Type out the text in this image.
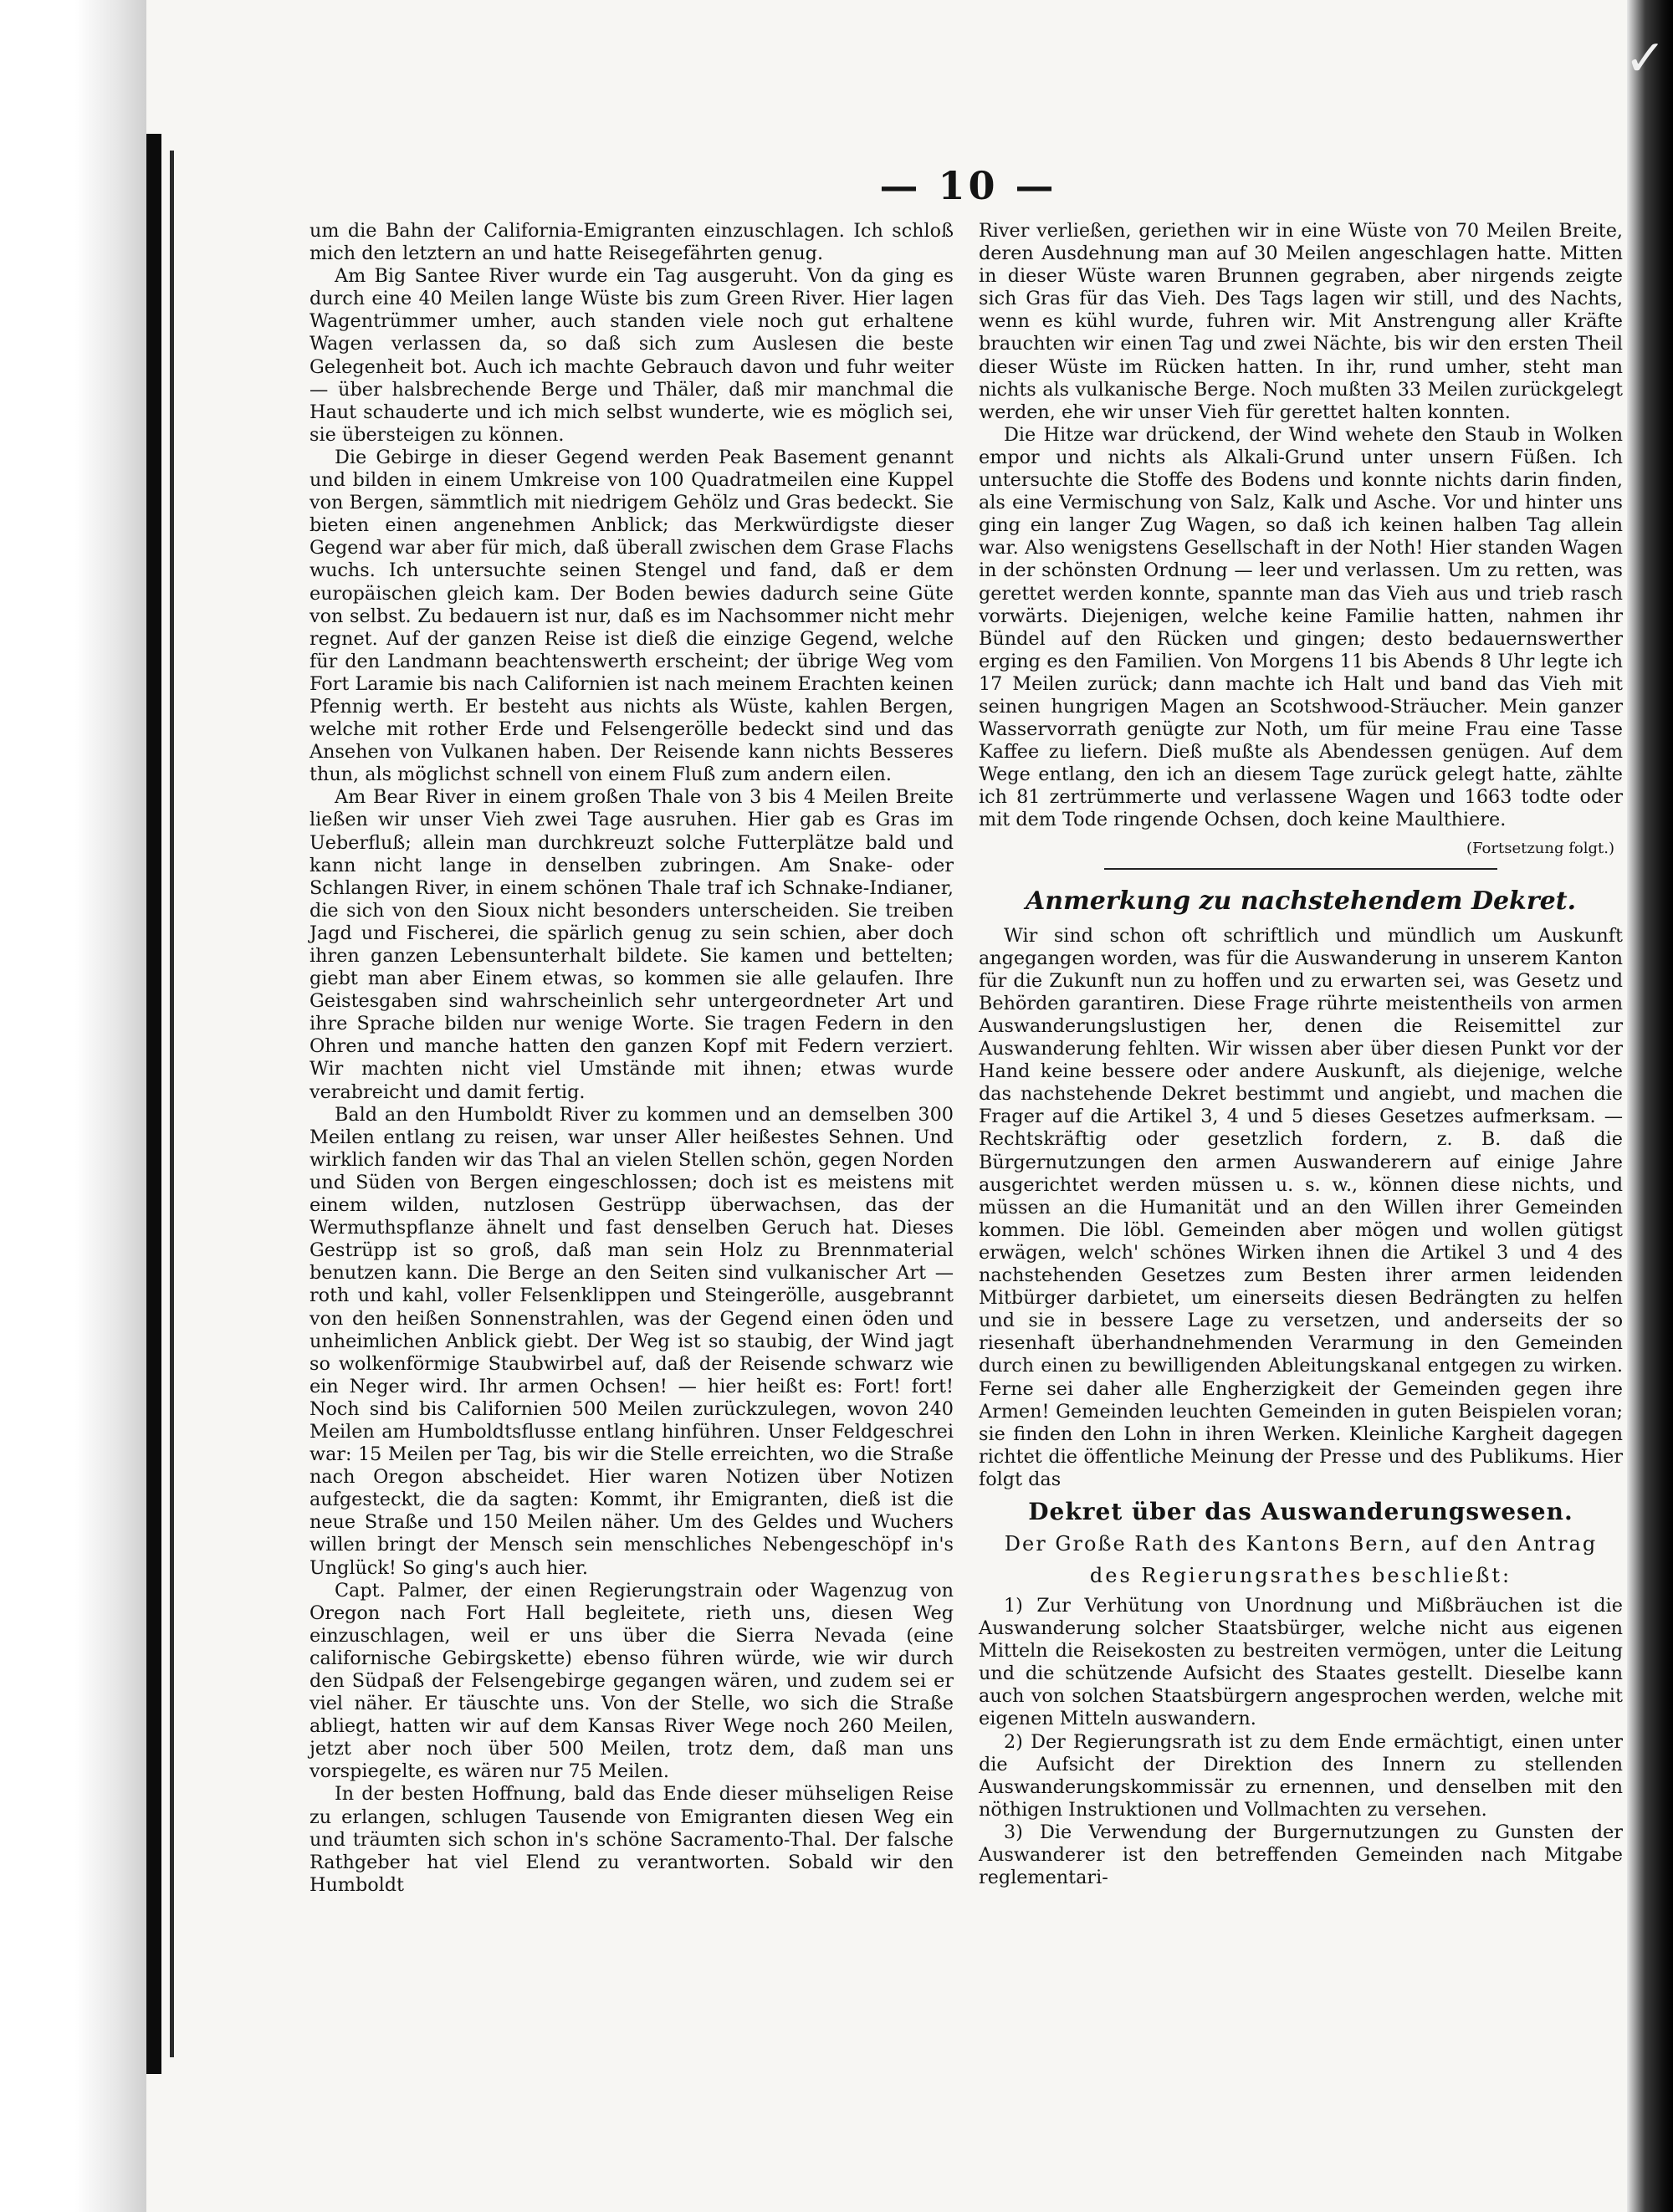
✓
— 10 —

um die Bahn der California-Emigranten einzuschlagen. Ich schloß mich den letztern an und hatte Reisegefährten genug.

Am Big Santee River wurde ein Tag ausgeruht. Von da ging es durch eine 40 Meilen lange Wüste bis zum Green River. Hier lagen Wagentrümmer umher, auch standen viele noch gut erhaltene Wagen verlassen da, so daß sich zum Auslesen die beste Gelegenheit bot. Auch ich machte Gebrauch davon und fuhr weiter — über halsbrechende Berge und Thäler, daß mir manchmal die Haut schauderte und ich mich selbst wunderte, wie es möglich sei, sie übersteigen zu können.

Die Gebirge in dieser Gegend werden Peak Basement genannt und bilden in einem Umkreise von 100 Quadratmeilen eine Kuppel von Bergen, sämmtlich mit niedrigem Gehölz und Gras bedeckt. Sie bieten einen angenehmen Anblick; das Merkwürdigste dieser Gegend war aber für mich, daß überall zwischen dem Grase Flachs wuchs. Ich untersuchte seinen Stengel und fand, daß er dem europäischen gleich kam. Der Boden bewies dadurch seine Güte von selbst. Zu bedauern ist nur, daß es im Nachsommer nicht mehr regnet. Auf der ganzen Reise ist dieß die einzige Gegend, welche für den Landmann beachtenswerth erscheint; der übrige Weg vom Fort Laramie bis nach Californien ist nach meinem Erachten keinen Pfennig werth. Er besteht aus nichts als Wüste, kahlen Bergen, welche mit rother Erde und Felsengerölle bedeckt sind und das Ansehen von Vulkanen haben. Der Reisende kann nichts Besseres thun, als möglichst schnell von einem Fluß zum andern eilen.

Am Bear River in einem großen Thale von 3 bis 4 Meilen Breite ließen wir unser Vieh zwei Tage ausruhen. Hier gab es Gras im Ueberfluß; allein man durchkreuzt solche Futterplätze bald und kann nicht lange in denselben zubringen. Am Snake- oder Schlangen River, in einem schönen Thale traf ich Schnake-Indianer, die sich von den Sioux nicht besonders unterscheiden. Sie treiben Jagd und Fischerei, die spärlich genug zu sein schien, aber doch ihren ganzen Lebensunterhalt bildete. Sie kamen und bettelten; giebt man aber Einem etwas, so kommen sie alle gelaufen. Ihre Geistesgaben sind wahrscheinlich sehr untergeordneter Art und ihre Sprache bilden nur wenige Worte. Sie tragen Federn in den Ohren und manche hatten den ganzen Kopf mit Federn verziert. Wir machten nicht viel Umstände mit ihnen; etwas wurde verabreicht und damit fertig.

Bald an den Humboldt River zu kommen und an demselben 300 Meilen entlang zu reisen, war unser Aller heißestes Sehnen. Und wirklich fanden wir das Thal an vielen Stellen schön, gegen Norden und Süden von Bergen eingeschlossen; doch ist es meistens mit einem wilden, nutzlosen Gestrüpp überwachsen, das der Wermuthspflanze ähnelt und fast denselben Geruch hat. Dieses Gestrüpp ist so groß, daß man sein Holz zu Brennmaterial benutzen kann. Die Berge an den Seiten sind vulkanischer Art — roth und kahl, voller Felsenklippen und Steingerölle, ausgebrannt von den heißen Sonnenstrahlen, was der Gegend einen öden und unheimlichen Anblick giebt. Der Weg ist so staubig, der Wind jagt so wolkenförmige Staubwirbel auf, daß der Reisende schwarz wie ein Neger wird. Ihr armen Ochsen! — hier heißt es: Fort! fort! Noch sind bis Californien 500 Meilen zurückzulegen, wovon 240 Meilen am Humboldtsflusse entlang hinführen. Unser Feldgeschrei war: 15 Meilen per Tag, bis wir die Stelle erreichten, wo die Straße nach Oregon abscheidet. Hier waren Notizen über Notizen aufgesteckt, die da sagten: Kommt, ihr Emigranten, dieß ist die neue Straße und 150 Meilen näher. Um des Geldes und Wuchers willen bringt der Mensch sein menschliches Nebengeschöpf in's Unglück! So ging's auch hier.

Capt. Palmer, der einen Regierungstrain oder Wagenzug von Oregon nach Fort Hall begleitete, rieth uns, diesen Weg einzuschlagen, weil er uns über die Sierra Nevada (eine californische Gebirgskette) ebenso führen würde, wie wir durch den Südpaß der Felsengebirge gegangen wären, und zudem sei er viel näher. Er täuschte uns. Von der Stelle, wo sich die Straße abliegt, hatten wir auf dem Kansas River Wege noch 260 Meilen, jetzt aber noch über 500 Meilen, trotz dem, daß man uns vorspiegelte, es wären nur 75 Meilen.

In der besten Hoffnung, bald das Ende dieser mühseligen Reise zu erlangen, schlugen Tausende von Emigranten diesen Weg ein und träumten sich schon in's schöne Sacramento-Thal. Der falsche Rathgeber hat viel Elend zu verantworten. Sobald wir den Humboldt

River verließen, geriethen wir in eine Wüste von 70 Meilen Breite, deren Ausdehnung man auf 30 Meilen angeschlagen hatte. Mitten in dieser Wüste waren Brunnen gegraben, aber nirgends zeigte sich Gras für das Vieh. Des Tags lagen wir still, und des Nachts, wenn es kühl wurde, fuhren wir. Mit Anstrengung aller Kräfte brauchten wir einen Tag und zwei Nächte, bis wir den ersten Theil dieser Wüste im Rücken hatten. In ihr, rund umher, steht man nichts als vulkanische Berge. Noch mußten 33 Meilen zurückgelegt werden, ehe wir unser Vieh für gerettet halten konnten.

Die Hitze war drückend, der Wind wehete den Staub in Wolken empor und nichts als Alkali-Grund unter unsern Füßen. Ich untersuchte die Stoffe des Bodens und konnte nichts darin finden, als eine Vermischung von Salz, Kalk und Asche. Vor und hinter uns ging ein langer Zug Wagen, so daß ich keinen halben Tag allein war. Also wenigstens Gesellschaft in der Noth! Hier standen Wagen in der schönsten Ordnung — leer und verlassen. Um zu retten, was gerettet werden konnte, spannte man das Vieh aus und trieb rasch vorwärts. Diejenigen, welche keine Familie hatten, nahmen ihr Bündel auf den Rücken und gingen; desto bedauernswerther erging es den Familien. Von Morgens 11 bis Abends 8 Uhr legte ich 17 Meilen zurück; dann machte ich Halt und band das Vieh mit seinen hungrigen Magen an Scotshwood-Sträucher. Mein ganzer Wasservorrath genügte zur Noth, um für meine Frau eine Tasse Kaffee zu liefern. Dieß mußte als Abendessen genügen. Auf dem Wege entlang, den ich an diesem Tage zurück gelegt hatte, zählte ich 81 zertrümmerte und verlassene Wagen und 1663 todte oder mit dem Tode ringende Ochsen, doch keine Maulthiere.

(Fortsetzung folgt.)

Anmerkung zu nachstehendem Dekret.

Wir sind schon oft schriftlich und mündlich um Auskunft angegangen worden, was für die Auswanderung in unserem Kanton für die Zukunft nun zu hoffen und zu erwarten sei, was Gesetz und Behörden garantiren. Diese Frage rührte meistentheils von armen Auswanderungslustigen her, denen die Reisemittel zur Auswanderung fehlten. Wir wissen aber über diesen Punkt vor der Hand keine bessere oder andere Auskunft, als diejenige, welche das nachstehende Dekret bestimmt und angiebt, und machen die Frager auf die Artikel 3, 4 und 5 dieses Gesetzes aufmerksam. — Rechtskräftig oder gesetzlich fordern, z. B. daß die Bürgernutzungen den armen Auswanderern auf einige Jahre ausgerichtet werden müssen u. s. w., können diese nichts, und müssen an die Humanität und an den Willen ihrer Gemeinden kommen. Die löbl. Gemeinden aber mögen und wollen gütigst erwägen, welch' schönes Wirken ihnen die Artikel 3 und 4 des nachstehenden Gesetzes zum Besten ihrer armen leidenden Mitbürger darbietet, um einerseits diesen Bedrängten zu helfen und sie in bessere Lage zu versetzen, und anderseits der so riesenhaft überhandnehmenden Verarmung in den Gemeinden durch einen zu bewilligenden Ableitungskanal entgegen zu wirken. Ferne sei daher alle Engherzigkeit der Gemeinden gegen ihre Armen! Gemeinden leuchten Gemeinden in guten Beispielen voran; sie finden den Lohn in ihren Werken. Kleinliche Kargheit dagegen richtet die öffentliche Meinung der Presse und des Publikums. Hier folgt das

Dekret über das Auswanderungswesen.

Der Große Rath des Kantons Bern, auf den Antrag

des Regierungsrathes beschließt:

1) Zur Verhütung von Unordnung und Mißbräuchen ist die Auswanderung solcher Staatsbürger, welche nicht aus eigenen Mitteln die Reisekosten zu bestreiten vermögen, unter die Leitung und die schützende Aufsicht des Staates gestellt. Dieselbe kann auch von solchen Staatsbürgern angesprochen werden, welche mit eigenen Mitteln auswandern.

2) Der Regierungsrath ist zu dem Ende ermächtigt, einen unter die Aufsicht der Direktion des Innern zu stellenden Auswanderungskommissär zu ernennen, und denselben mit den nöthigen Instruktionen und Vollmachten zu versehen.

3) Die Verwendung der Burgernutzungen zu Gunsten der Auswanderer ist den betreffenden Gemeinden nach Mitgabe reglementari-
